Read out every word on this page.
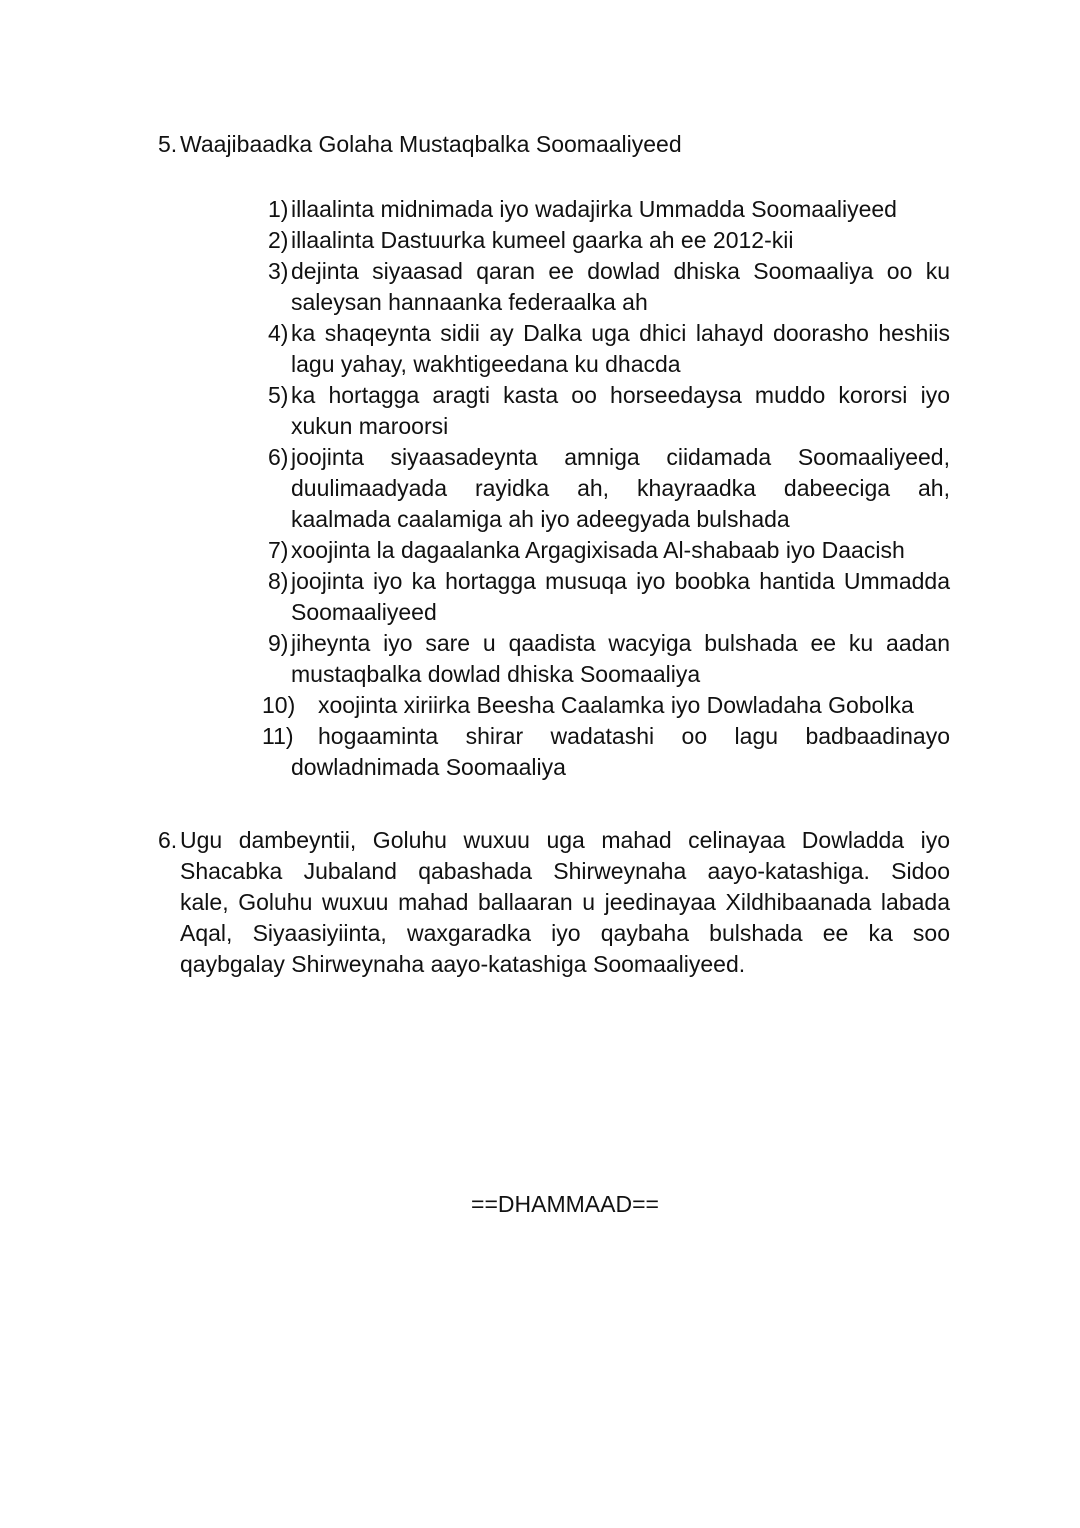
5. Waajibaadka Golaha Mustaqbalka Soomaaliyeed
1) illaalinta midnimada iyo wadajirka Ummadda Soomaaliyeed
2) illaalinta Dastuurka kumeel gaarka ah ee 2012-kii
3) dejinta siyaasad qaran ee dowlad dhiska Soomaaliya oo ku
saleysan hannaanka federaalka ah
4) ka shaqeynta sidii ay Dalka uga dhici lahayd doorasho heshiis
lagu yahay, wakhtigeedana ku dhacda
5) ka hortagga aragti kasta oo horseedaysa muddo kororsi iyo
xukun maroorsi
6) joojinta siyaasadeynta amniga ciidamada Soomaaliyeed,
duulimaadyada rayidka ah, khayraadka dabeeciga ah,
kaalmada caalamiga ah iyo adeegyada bulshada
7) xoojinta la dagaalanka Argagixisada Al-shabaab iyo Daacish
8) joojinta iyo ka hortagga musuqa iyo boobka hantida Ummadda
Soomaaliyeed
9) jiheynta iyo sare u qaadista wacyiga bulshada ee ku aadan
mustaqbalka dowlad dhiska Soomaaliya
10) xoojinta xiriirka Beesha Caalamka iyo Dowladaha Gobolka
11)	hogaaminta shirar wadatashi oo lagu badbaadinayo
dowladnimada Soomaaliya
6. Ugu dambeyntii, Goluhu wuxuu uga mahad celinayaa Dowladda iyo
Shacabka Jubaland qabashada Shirweynaha aayo-katashiga. Sidoo
kale, Goluhu wuxuu mahad ballaaran u jeedinayaa Xildhibaanada labada
Aqal, Siyaasiyiinta, waxgaradka iyo qaybaha bulshada ee ka soo
qaybgalay Shirweynaha aayo-katashiga Soomaaliyeed.
==DHAMMAAD==
